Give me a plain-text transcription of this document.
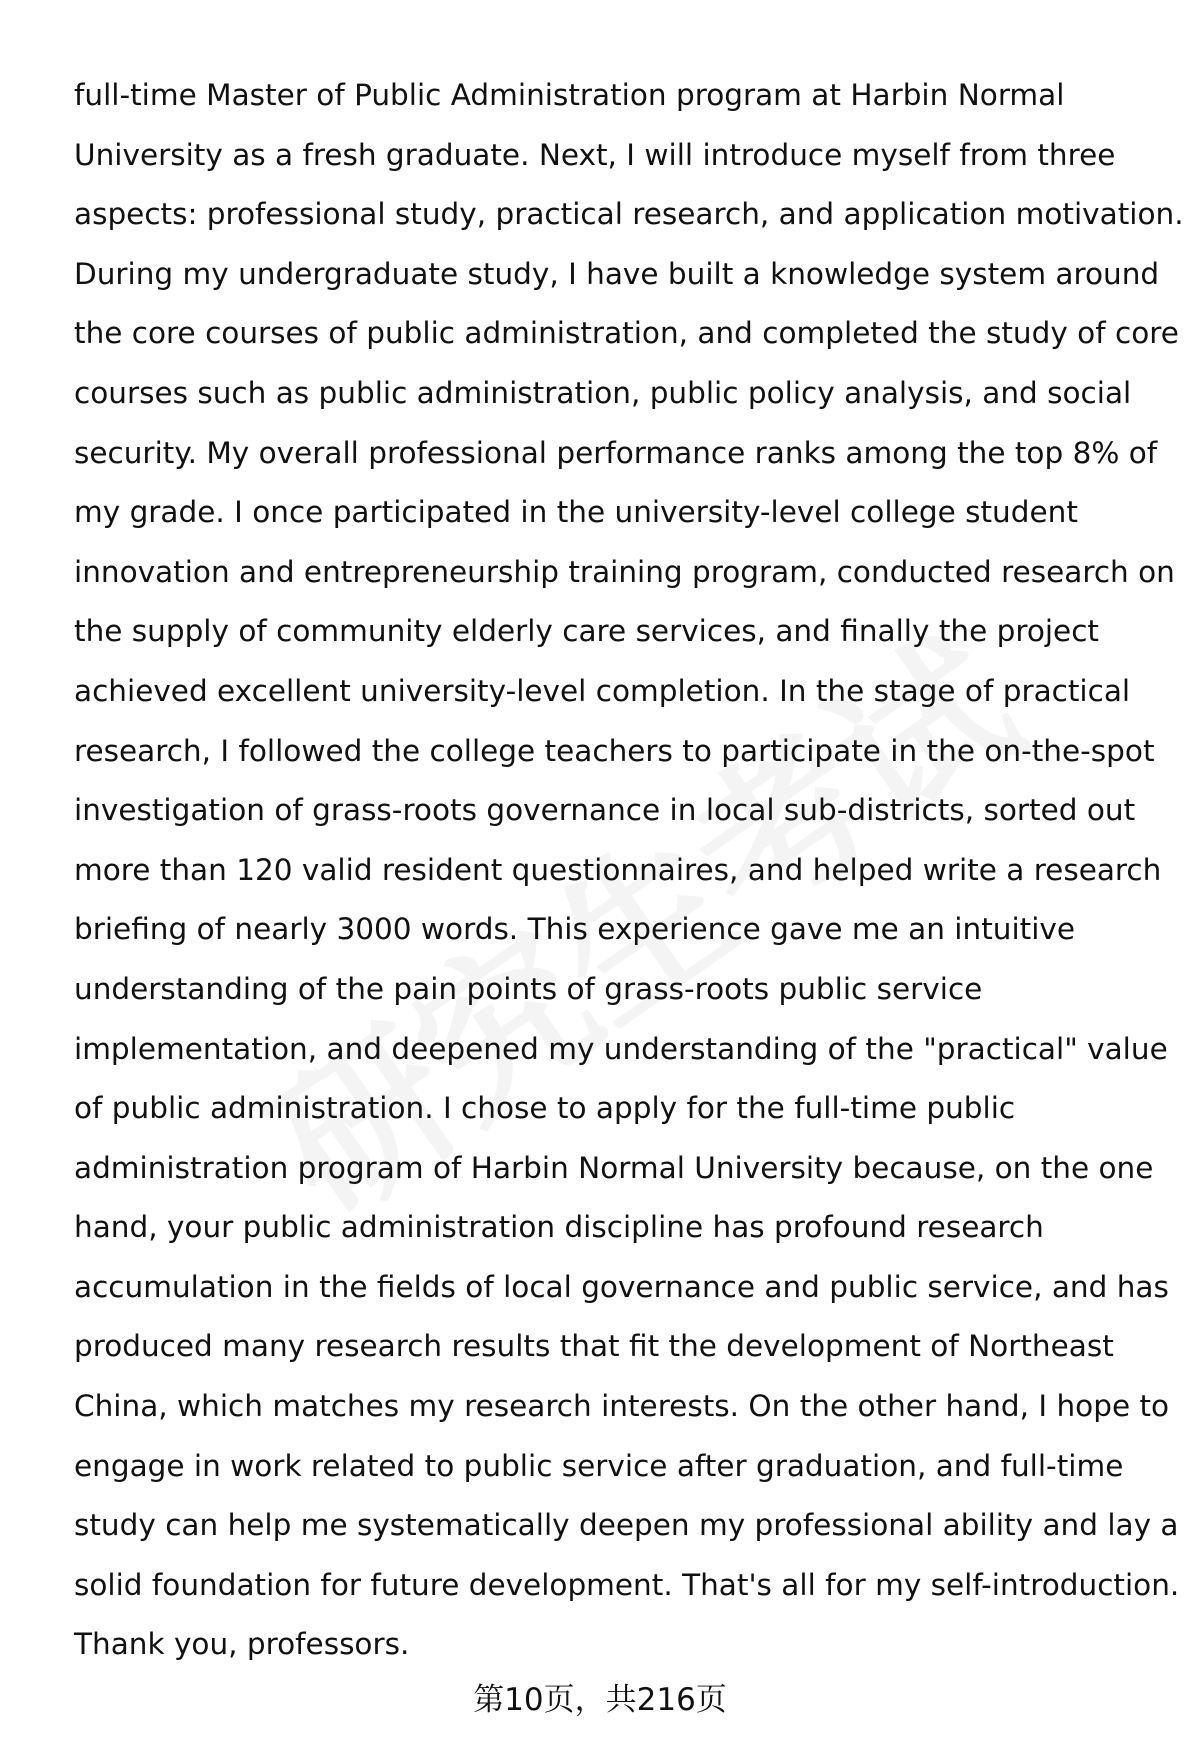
full-time Master of Public Administration program at Harbin Normal
University as a fresh graduate. Next, I will introduce myself from three
aspects: professional study, practical research, and application motivation.
During my undergraduate study, I have built a knowledge system around
the core courses of public administration, and completed the study of core
courses such as public administration, public policy analysis, and social
security. My overall professional performance ranks among the top 8% of
my grade. I once participated in the university-level college student
innovation and entrepreneurship training program, conducted research on
the supply of community elderly care services, and finally the project
achieved excellent university-level completion. In the stage of practical
research, I followed the college teachers to participate in the on-the-spot
investigation of grass-roots governance in local sub-districts, sorted out
more than 120 valid resident questionnaires, and helped write a research
briefing of nearly 3000 words. This experience gave me an intuitive
understanding of the pain points of grass-roots public service
implementation, and deepened my understanding of the "practical" value
of public administration. I chose to apply for the full-time public
administration program of Harbin Normal University because, on the one
hand, your public administration discipline has profound research
accumulation in the fields of local governance and public service, and has
produced many research results that fit the development of Northeast
China, which matches my research interests. On the other hand, I hope to
engage in work related to public service after graduation, and full-time
study can help me systematically deepen my professional ability and lay a
solid foundation for future development. That's all for my self-introduction.
Thank you, professors.
第10页，共216页
